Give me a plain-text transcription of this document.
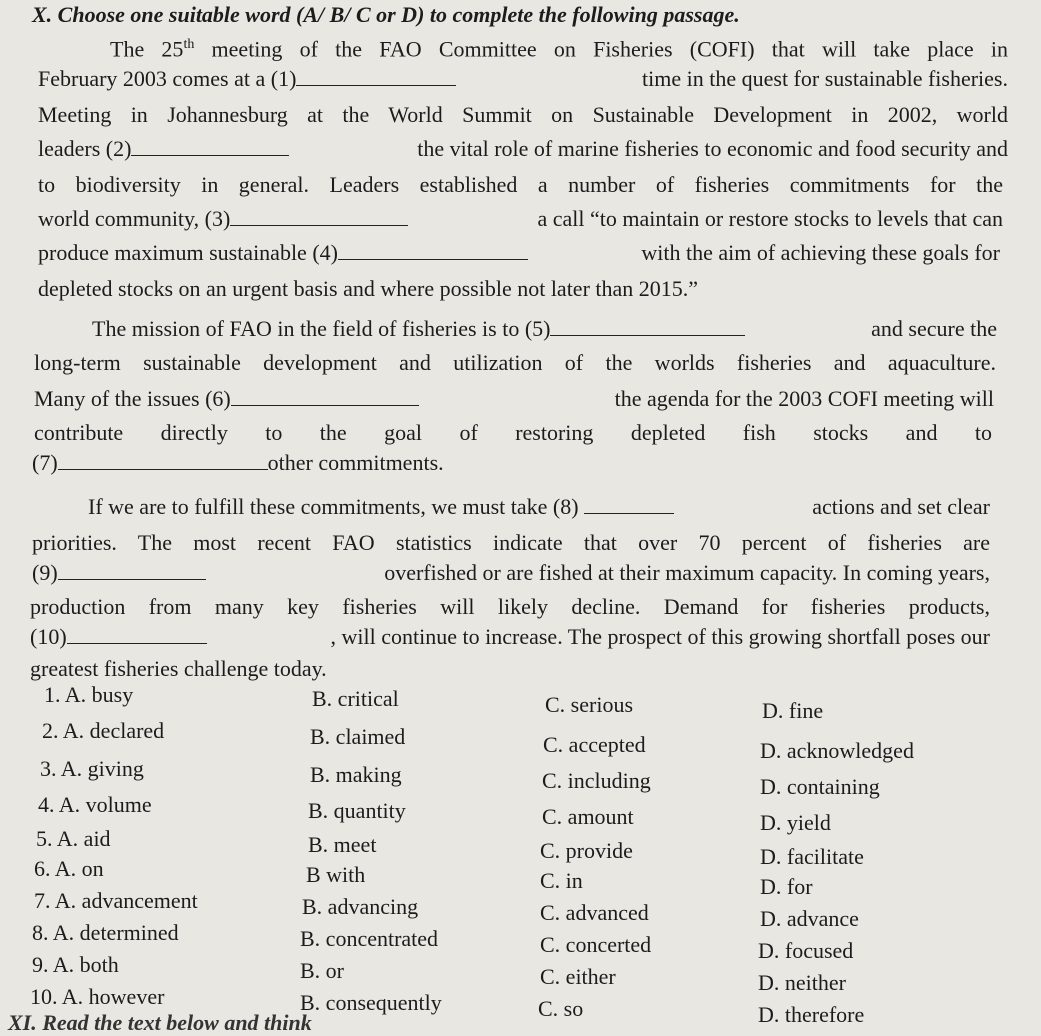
X. Choose one suitable word (A/ B/ C or D) to complete the following passage.
The 25th meeting of the FAO Committee on Fisheries (COFI) that will take place in
February 2003 comes at a (1)	time in the quest for sustainable fisheries.
Meeting in Johannesburg at the World Summit on Sustainable Development in 2002, world
leaders (2)	the vital role of marine fisheries to economic and food security and
to biodiversity in general. Leaders established a number of fisheries commitments for the
world community, (3)	a call “to maintain or restore stocks to levels that can
produce maximum sustainable (4)	with the aim of achieving these goals for
depleted stocks on an urgent basis and where possible not later than 2015.”
The mission of FAO in the field of fisheries is to (5)	and secure the
long-term sustainable development and utilization of the worlds fisheries and aquaculture.
Many of the issues (6)	the agenda for the 2003 COFI meeting will
contribute directly to the goal of restoring depleted fish stocks and to
(7)	other commitments.
If we are to fulfill these commitments, we must take (8)	actions and set clear
priorities. The most recent FAO statistics indicate that over 70 percent of fisheries are
(9)	overfished or are fished at their maximum capacity. In coming years,
production from many key fisheries will likely decline. Demand for fisheries products,
(10)	, will continue to increase. The prospect of this growing shortfall poses our
greatest fisheries challenge today.
1. A. busy	B. critical	C. serious	D. fine
2. A. declared	B. claimed	C. accepted	D. acknowledged
3. A. giving	B. making	C. including	D. containing
4. A. volume	B. quantity	C. amount	D. yield
5. A. aid	B. meet	C. provide	D. facilitate
6. A. on	B with	C. in	D. for
7. A. advancement	B. advancing	C. advanced	D. advance
8. A. determined	B. concentrated	C. concerted	D. focused
9. A. both	B. or	C. either	D. neither
10. A. however	B. consequently	C. so	D. therefore
XI. Read the text below and think
